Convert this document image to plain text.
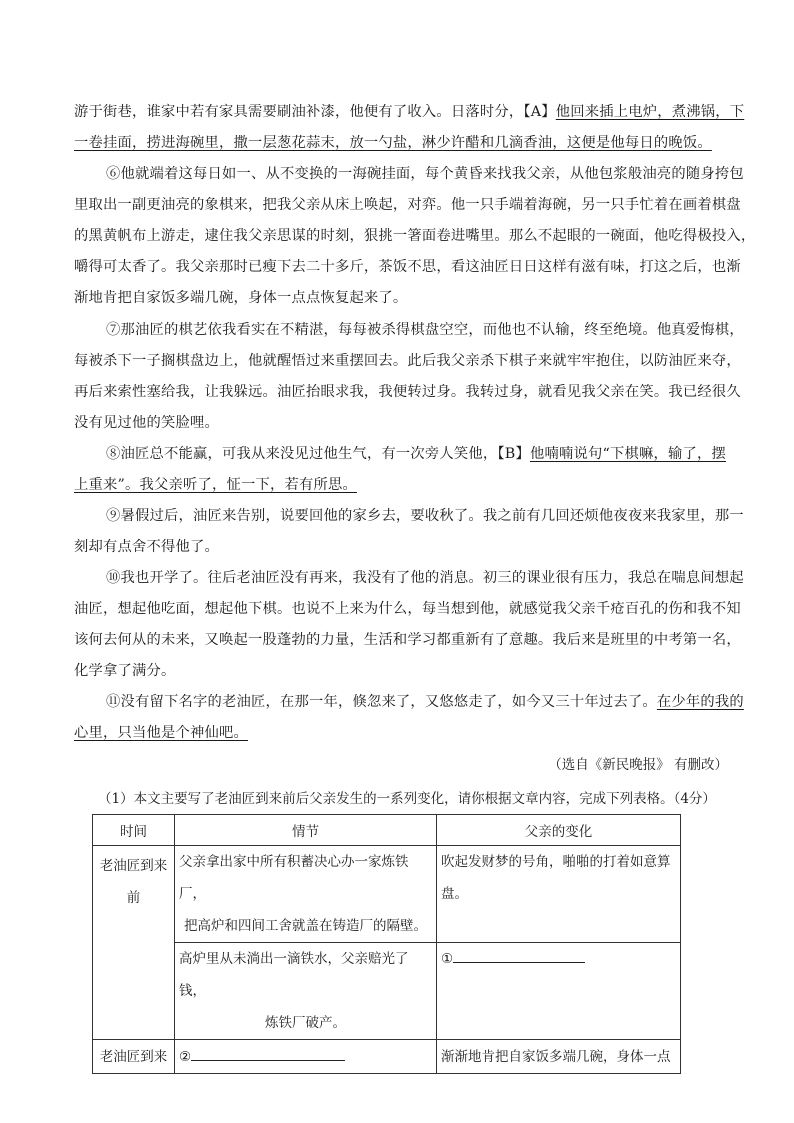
游于街巷，谁家中若有家具需要刷油补漆，他便有了收入。日落时分，【A】他回来插上电炉，煮沸锅，下
一卷挂面，捞进海碗里，撒一层葱花蒜末，放一勺盐，淋少许醋和几滴香油，这便是他每日的晚饭。
⑥他就端着这每日如一、从不变换的一海碗挂面，每个黄昏来找我父亲，从他包浆般油亮的随身挎包
里取出一副更油亮的象棋来，把我父亲从床上唤起，对弈。他一只手端着海碗，另一只手忙着在画着棋盘
的黑黄帆布上游走，逮住我父亲思谋的时刻，狠挑一箸面卷进嘴里。那么不起眼的一碗面，他吃得极投入，
嚼得可太香了。我父亲那时已瘦下去二十多斤，茶饭不思，看这油匠日日这样有滋有味，打这之后，也渐
渐地肯把自家饭多端几碗，身体一点点恢复起来了。
⑦那油匠的棋艺依我看实在不精湛，每每被杀得棋盘空空，而他也不认输，终至绝境。他真爱悔棋，
每被杀下一子搁棋盘边上，他就醒悟过来重摆回去。此后我父亲杀下棋子来就牢牢抱住，以防油匠来夺，
再后来索性塞给我，让我躲远。油匠抬眼求我，我便转过身。我转过身，就看见我父亲在笑。我已经很久
没有见过他的笑脸哩。
⑧油匠总不能赢，可我从来没见过他生气，有一次旁人笑他，【B】他喃喃说句“下棋嘛，输了，摆
上重来”。我父亲听了，怔一下，若有所思。
⑨暑假过后，油匠来告别，说要回他的家乡去，要收秋了。我之前有几回还烦他夜夜来我家里，那一
刻却有点舍不得他了。
⑩我也开学了。往后老油匠没有再来，我没有了他的消息。初三的课业很有压力，我总在喘息间想起
油匠，想起他吃面，想起他下棋。也说不上来为什么，每当想到他，就感觉我父亲千疮百孔的伤和我不知
该何去何从的未来，又唤起一股蓬勃的力量，生活和学习都重新有了意趣。我后来是班里的中考第一名，
化学拿了满分。
⑪没有留下名字的老油匠，在那一年，倏忽来了，又悠悠走了，如今又三十年过去了。在少年的我的
心里，只当他是个神仙吧。
（选自《新民晚报》 有删改）
（1）本文主要写了老油匠到来前后父亲发生的一系列变化，请你根据文章内容，完成下列表格。（4分）
时间	情节	父亲的变化
老油匠到来前	父亲拿出家中所有积蓄决心办一家炼铁厂，
把高炉和四间工舍就盖在铸造厂的隔壁。	吹起发财梦的号角，啪啪的打着如意算盘。

	高炉里从未淌出一滴铁水，父亲赔光了钱，
炼铁厂破产。	①
老油匠到来	②	渐渐地肯把自家饭多端几碗，身体一点
